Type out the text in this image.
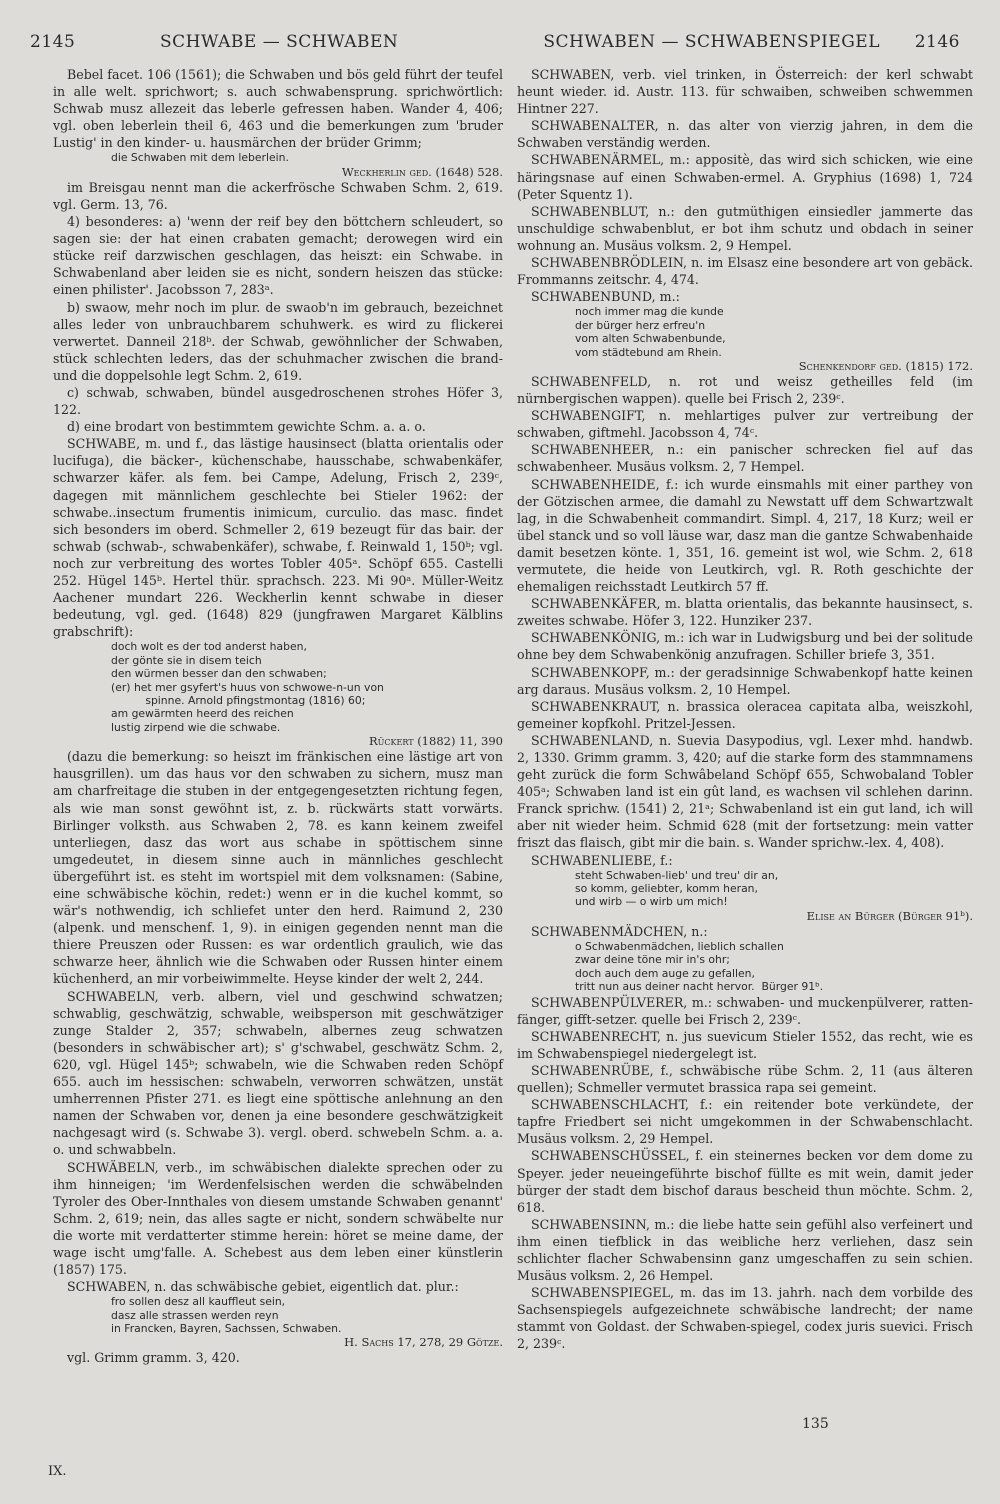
2145	SCHWABE — SCHWABEN	SCHWABEN — SCHWABENSPIEGEL 2146
Bebel facet. 106 (1561); die Schwaben und bös geld führt der teufel in alle welt. sprichwort; s. auch schwabensprung. sprichwörtlich: Schwab musz allezeit das leberle gefressen haben. Wander 4, 406; vgl. oben leberlein theil 6, 463 und die bemerkungen zum 'bruder Lustig' in den kinder- u. hausmärchen der brüder Grimm;
die Schwaben mit dem leberlein.
Weckherlin ged. (1648) 528.
im Breisgau nennt man die ackerfrösche Schwaben Schm. 2, 619. vgl. Germ. 13, 76.
4) besonderes: a) 'wenn der reif bey den böttchern schleudert, so sagen sie: der hat einen crabaten gemacht; derowegen wird ein stücke reif darzwischen geschlagen, das heiszt: ein Schwabe. in Schwabenland aber leiden sie es nicht, sondern heiszen das stücke: einen philister'. Jacobsson 7, 283ᵃ.
b) swaow, mehr noch im plur. de swaob'n im gebrauch, bezeichnet alles leder von unbrauchbarem schuhwerk. es wird zu flickerei verwertet. Danneil 218ᵇ. der Schwab, gewöhnlicher der Schwaben, stück schlechten leders, das der schuhmacher zwischen die brand- und die doppelsohle legt Schm. 2, 619.
c) schwab, schwaben, bündel ausgedroschenen strohes Höfer 3, 122.
d) eine brodart von bestimmtem gewichte Schm. a. a. o.
SCHWABE, m. und f., das lästige hausinsect (blatta orientalis oder lucifuga), die bäcker-, küchenschabe, hausschabe, schwabenkäfer, schwarzer käfer. als fem. bei Campe, Adelung, Frisch 2, 239ᶜ, dagegen mit männlichem geschlechte bei Stieler 1962: der schwabe..insectum frumentis inimicum, curculio. das masc. findet sich besonders im oberd. Schmeller 2, 619 bezeugt für das bair. der schwab (schwab-, schwabenkäfer), schwabe, f. Reinwald 1, 150ᵇ; vgl. noch zur verbreitung des wortes Tobler 405ᵃ. Schöpf 655. Castelli 252. Hügel 145ᵇ. Hertel thür. sprachsch. 223. Mi 90ᵃ. Müller-Weitz Aachener mundart 226. Weckherlin kennt schwabe in dieser bedeutung, vgl. ged. (1648) 829 (jungfrawen Margaret Kälblins grabschrift):
doch wolt es der tod anderst haben,
der gönte sie in disem teich
den würmen besser dan den schwaben;
(er) het mer gsyfert's huus von schwowe-n-un von
spinne. Arnold pfingstmontag (1816) 60;
am gewärmten heerd des reichen
lustig zirpend wie die schwabe.
Rückert (1882) 11, 390
(dazu die bemerkung: so heiszt im fränkischen eine lästige art von hausgrillen). um das haus vor den schwaben zu sichern, musz man am charfreitage die stuben in der entgegengesetzten richtung fegen, als wie man sonst gewöhnt ist, z. b. rückwärts statt vorwärts. Birlinger volksth. aus Schwaben 2, 78. es kann keinem zweifel unterliegen, dasz das wort aus schabe in spöttischem sinne umgedeutet, in diesem sinne auch in männliches geschlecht übergeführt ist. es steht im wortspiel mit dem volksnamen: (Sabine, eine schwäbische köchin, redet:) wenn er in die kuchel kommt, so wär's nothwendig, ich schliefet unter den herd. Raimund 2, 230 (alpenk. und menschenf. 1, 9). in einigen gegenden nennt man die thiere Preuszen oder Russen: es war ordentlich graulich, wie das schwarze heer, ähnlich wie die Schwaben oder Russen hinter einem küchenherd, an mir vorbeiwimmelte. Heyse kinder der welt 2, 244.
SCHWABELN, verb. albern, viel und geschwind schwatzen; schwablig, geschwätzig, schwable, weibsperson mit geschwätziger zunge Stalder 2, 357; schwabeln, albernes zeug schwatzen (besonders in schwäbischer art); s' g'schwabel, geschwätz Schm. 2, 620, vgl. Hügel 145ᵇ; schwabeln, wie die Schwaben reden Schöpf 655. auch im hessischen: schwabeln, verworren schwätzen, unstät umherrennen Pfister 271. es liegt eine spöttische anlehnung an den namen der Schwaben vor, denen ja eine besondere geschwätzigkeit nachgesagt wird (s. Schwabe 3). vergl. oberd. schwebeln Schm. a. a. o. und schwabbeln.
SCHWÄBELN, verb., im schwäbischen dialekte sprechen oder zu ihm hinneigen; 'im Werdenfelsischen werden die schwäbelnden Tyroler des Ober-Innthales von diesem umstande Schwaben genannt' Schm. 2, 619; nein, das alles sagte er nicht, sondern schwäbelte nur die worte mit verdatterter stimme herein: höret se meine dame, der wage ischt umg'falle. A. Schebest aus dem leben einer künstlerin (1857) 175.
SCHWABEN, n. das schwäbische gebiet, eigentlich dat. plur.:
fro sollen desz all kauffleut sein,
dasz alle strassen werden reyn
in Francken, Bayren, Sachssen, Schwaben.
H. Sachs 17, 278, 29 Götze.
vgl. Grimm gramm. 3, 420.
SCHWABEN, verb. viel trinken, in Österreich: der kerl schwabt heunt wieder. id. Austr. 113. für schwaiben, schweiben schwemmen Hintner 227.
SCHWABENALTER, n. das alter von vierzig jahren, in dem die Schwaben verständig werden.
SCHWABENÄRMEL, m.: appositè, das wird sich schicken, wie eine häringsnase auf einen Schwaben-ermel. A. Gryphius (1698) 1, 724 (Peter Squentz 1).
SCHWABENBLUT, n.: den gutmüthigen einsiedler jammerte das unschuldige schwabenblut, er bot ihm schutz und obdach in seiner wohnung an. Musäus volksm. 2, 9 Hempel.
SCHWABENBRÖDLEIN, n. im Elsasz eine besondere art von gebäck. Frommanns zeitschr. 4, 474.
SCHWABENBUND, m.:
noch immer mag die kunde
der bürger herz erfreu'n
vom alten Schwabenbunde,
vom städtebund am Rhein.
Schenkendorf ged. (1815) 172.
SCHWABENFELD, n. rot und weisz getheilles feld (im nürnbergischen wappen). quelle bei Frisch 2, 239ᶜ.
SCHWABENGIFT, n. mehlartiges pulver zur vertreibung der schwaben, giftmehl. Jacobsson 4, 74ᶜ.
SCHWABENHEER, n.: ein panischer schrecken fiel auf das schwabenheer. Musäus volksm. 2, 7 Hempel.
SCHWABENHEIDE, f.: ich wurde einsmahls mit einer parthey von der Götzischen armee, die damahl zu Newstatt uff dem Schwartzwalt lag, in die Schwabenheit commandirt. Simpl. 4, 217, 18 Kurz; weil er übel stanck und so voll läuse war, dasz man die gantze Schwabenhaide damit besetzen könte. 1, 351, 16. gemeint ist wol, wie Schm. 2, 618 vermutete, die heide von Leutkirch, vgl. R. Roth geschichte der ehemaligen reichsstadt Leutkirch 57 ff.
SCHWABENKÄFER, m. blatta orientalis, das bekannte hausinsect, s. zweites schwabe. Höfer 3, 122. Hunziker 237.
SCHWABENKÖNIG, m.: ich war in Ludwigsburg und bei der solitude ohne bey dem Schwabenkönig anzufragen. Schiller briefe 3, 351.
SCHWABENKOPF, m.: der geradsinnige Schwabenkopf hatte keinen arg daraus. Musäus volksm. 2, 10 Hempel.
SCHWABENKRAUT, n. brassica oleracea capitata alba, weiszkohl, gemeiner kopfkohl. Pritzel-Jessen.
SCHWABENLAND, n. Suevia Dasypodius, vgl. Lexer mhd. handwb. 2, 1330. Grimm gramm. 3, 420; auf die starke form des stammnamens geht zurück die form Schwâbeland Schöpf 655, Schwobaland Tobler 405ᵃ; Schwaben land ist ein gût land, es wachsen vil schlehen darinn. Franck sprichw. (1541) 2, 21ᵃ; Schwabenland ist ein gut land, ich will aber nit wieder heim. Schmid 628 (mit der fortsetzung: mein vatter friszt das flaisch, gibt mir die bain. s. Wander sprichw.-lex. 4, 408).
SCHWABENLIEBE, f.:
steht Schwaben-lieb' und treu' dir an,
so komm, geliebter, komm heran,
und wirb — o wirb um mich!
Elise an Bürger (Bürger 91ᵇ).
SCHWABENMÄDCHEN, n.:
o Schwabenmädchen, lieblich schallen
zwar deine töne mir in's ohr;
doch auch dem auge zu gefallen,
tritt nun aus deiner nacht hervor.  Bürger 91ᵇ.
SCHWABENPÜLVERER, m.: schwaben- und muckenpülverer, ratten-fänger, gifft-setzer. quelle bei Frisch 2, 239ᶜ.
SCHWABENRECHT, n. jus suevicum Stieler 1552, das recht, wie es im Schwabenspiegel niedergelegt ist.
SCHWABENRÜBE, f., schwäbische rübe Schm. 2, 11 (aus älteren quellen); Schmeller vermutet brassica rapa sei gemeint.
SCHWABENSCHLACHT, f.: ein reitender bote verkündete, der tapfre Friedbert sei nicht umgekommen in der Schwabenschlacht. Musäus volksm. 2, 29 Hempel.
SCHWABENSCHÜSSEL, f. ein steinernes becken vor dem dome zu Speyer. jeder neueingeführte bischof füllte es mit wein, damit jeder bürger der stadt dem bischof daraus bescheid thun möchte. Schm. 2, 618.
SCHWABENSINN, m.: die liebe hatte sein gefühl also verfeinert und ihm einen tiefblick in das weibliche herz verliehen, dasz sein schlichter flacher Schwabensinn ganz umgeschaffen zu sein schien. Musäus volksm. 2, 26 Hempel.
SCHWABENSPIEGEL, m. das im 13. jahrh. nach dem vorbilde des Sachsenspiegels aufgezeichnete schwäbische landrecht; der name stammt von Goldast. der Schwaben-spiegel, codex juris suevici. Frisch 2, 239ᶜ.
135
IX.
